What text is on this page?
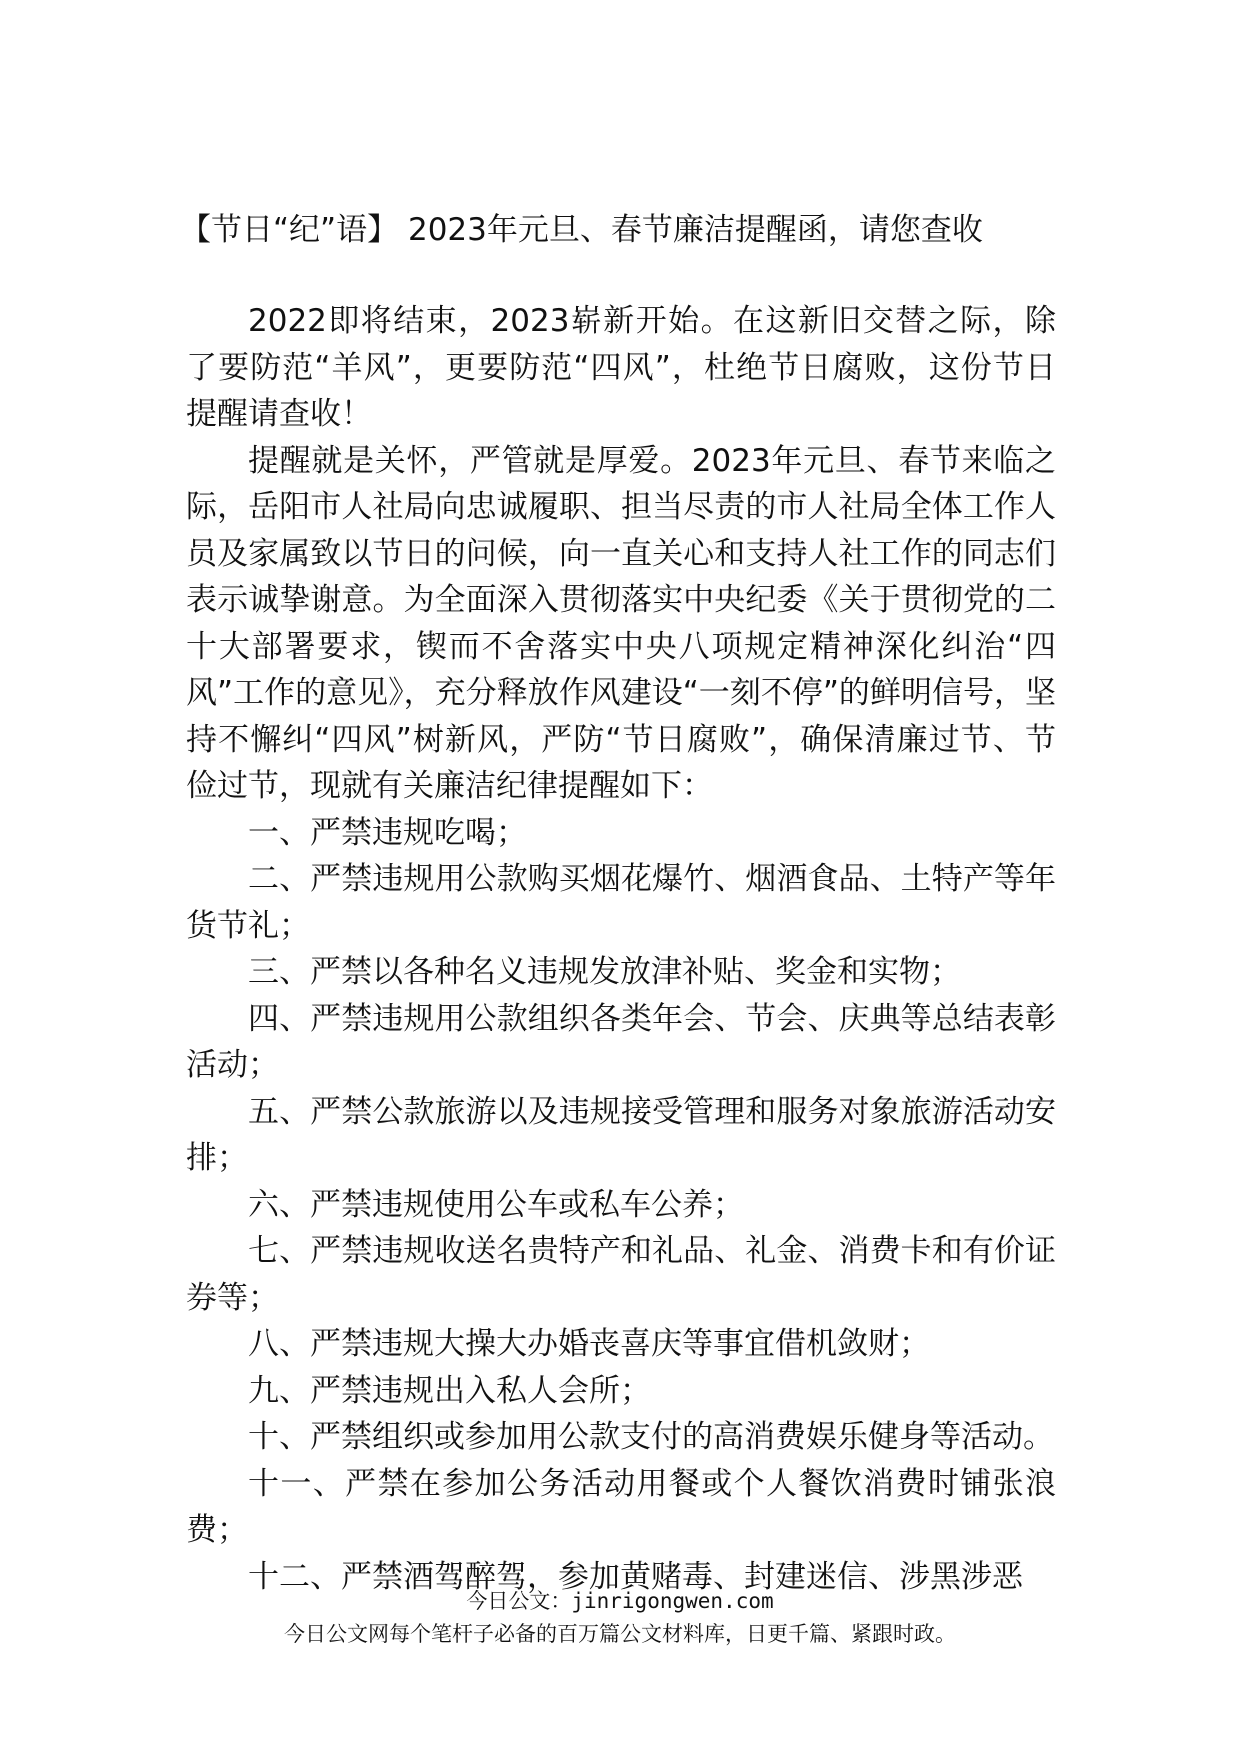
【节日“纪”语】 2023年元旦、春节廉洁提醒函，请您查收

2022即将结束，2023崭新开始。在这新旧交替之际，除了要防范“羊风”，更要防范“四风”，杜绝节日腐败，这份节日提醒请查收！

提醒就是关怀，严管就是厚爱。2023年元旦、春节来临之际，岳阳市人社局向忠诚履职、担当尽责的市人社局全体工作人员及家属致以节日的问候，向一直关心和支持人社工作的同志们表示诚挚谢意。为全面深入贯彻落实中央纪委《关于贯彻党的二十大部署要求，锲而不舍落实中央八项规定精神深化纠治“四风”工作的意见》，充分释放作风建设“一刻不停”的鲜明信号，坚持不懈纠“四风”树新风，严防“节日腐败”，确保清廉过节、节俭过节，现就有关廉洁纪律提醒如下：

一、严禁违规吃喝；

二、严禁违规用公款购买烟花爆竹、烟酒食品、土特产等年货节礼；

三、严禁以各种名义违规发放津补贴、奖金和实物；

四、严禁违规用公款组织各类年会、节会、庆典等总结表彰活动；

五、严禁公款旅游以及违规接受管理和服务对象旅游活动安排；

六、严禁违规使用公车或私车公养；

七、严禁违规收送名贵特产和礼品、礼金、消费卡和有价证券等；

八、严禁违规大操大办婚丧喜庆等事宜借机敛财；

九、严禁违规出入私人会所；

十、严禁组织或参加用公款支付的高消费娱乐健身等活动。

十一、严禁在参加公务活动用餐或个人餐饮消费时铺张浪费；

十二、严禁酒驾醉驾，参加黄赌毒、封建迷信、涉黑涉恶

今日公文：jinrigongwen.com
今日公文网每个笔杆子必备的百万篇公文材料库，日更千篇、紧跟时政。
